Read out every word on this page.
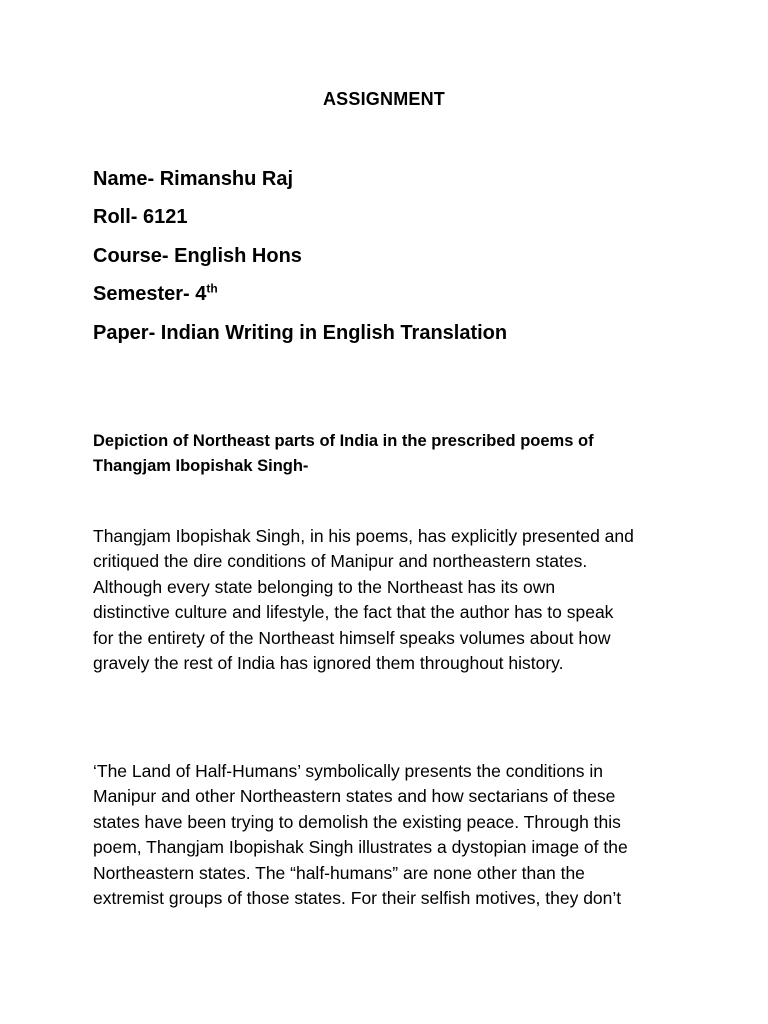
ASSIGNMENT
Name- Rimanshu Raj
Roll- 6121
Course- English Hons
Semester- 4th
Paper- Indian Writing in English Translation
Depiction of Northeast parts of India in the prescribed poems of
Thangjam Ibopishak Singh-
Thangjam Ibopishak Singh, in his poems, has explicitly presented and
critiqued the dire conditions of Manipur and northeastern states.
Although every state belonging to the Northeast has its own
distinctive culture and lifestyle, the fact that the author has to speak
for the entirety of the Northeast himself speaks volumes about how
gravely the rest of India has ignored them throughout history.
‘The Land of Half-Humans’ symbolically presents the conditions in
Manipur and other Northeastern states and how sectarians of these
states have been trying to demolish the existing peace. Through this
poem, Thangjam Ibopishak Singh illustrates a dystopian image of the
Northeastern states. The “half-humans” are none other than the
extremist groups of those states. For their selfish motives, they don’t
